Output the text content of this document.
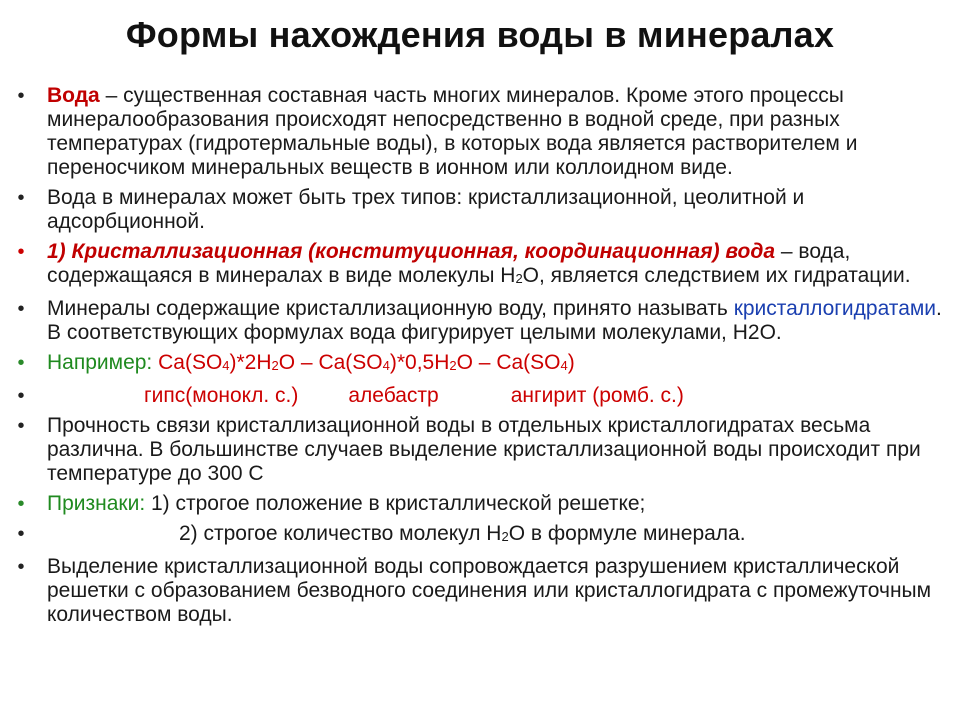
Формы нахождения воды в минералах
• Вода – существенная составная часть многих минералов. Кроме этого процессы минералообразования происходят непосредственно в водной среде, при разных температурах (гидротермальные воды), в которых вода является растворителем и переносчиком минеральных веществ в ионном или коллоидном виде.
• Вода в минералах может быть трех типов: кристаллизационной, цеолитной и адсорбционной.
• 1) Кристаллизационная (конституционная, координационная) вода – вода, содержащаяся в минералах в виде молекулы $Н_2О$, является следствием их гидратации.
• Минералы содержащие кристаллизационную воду, принято называть кристаллогидратами. В соответствующих формулах вода фигурирует целыми молекулами, Н2О.
• Например: $Ca(SO_4)*2H_2O - Ca(SO_4)*0,5H_2O - Ca(SO_4)$
•	гипс(монокл. с.) алебастр	ангирит (ромб. с.)
• Прочность связи кристаллизационной воды в отдельных кристаллогидратах весьма различна. В большинстве случаев выделение кристаллизационной воды происходит при температуре до 300 С
• Признаки: 1) строгое положение в кристаллической решетке;
•	2) строгое количество молекул $Н_2О$ в формуле минерала.
• Выделение кристаллизационной воды сопровождается разрушением кристаллической решетки с образованием безводного соединения или кристаллогидрата с промежуточным количеством воды.
